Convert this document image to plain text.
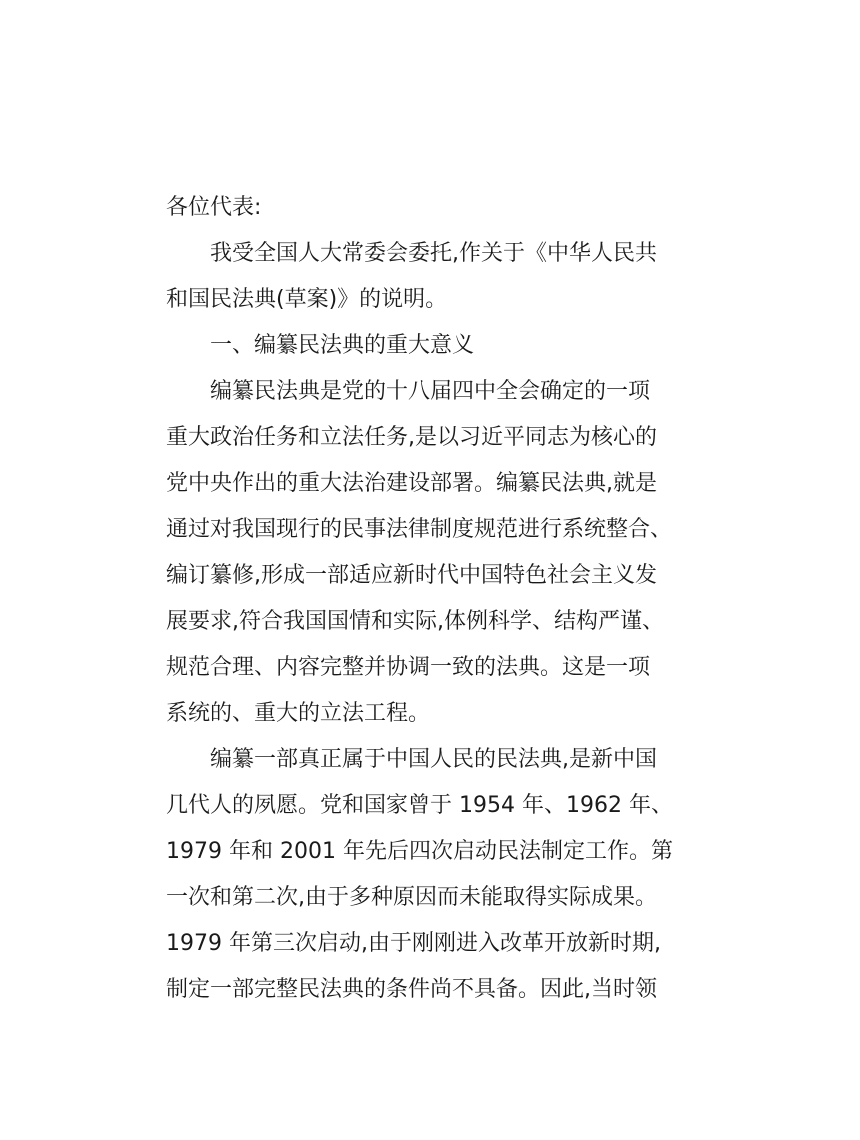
各位代表:
我受全国人大常委会委托,作关于《中华人民共
和国民法典(草案)》的说明。
一、编纂民法典的重大意义
编纂民法典是党的十八届四中全会确定的一项
重大政治任务和立法任务,是以习近平同志为核心的
党中央作出的重大法治建设部署。编纂民法典,就是
通过对我国现行的民事法律制度规范进行系统整合、
编订纂修,形成一部适应新时代中国特色社会主义发
展要求,符合我国国情和实际,体例科学、结构严谨、
规范合理、内容完整并协调一致的法典。这是一项
系统的、重大的立法工程。
编纂一部真正属于中国人民的民法典,是新中国
几代人的夙愿。党和国家曾于 1954 年、1962 年、
1979 年和 2001 年先后四次启动民法制定工作。第
一次和第二次,由于多种原因而未能取得实际成果。
1979 年第三次启动,由于刚刚进入改革开放新时期,
制定一部完整民法典的条件尚不具备。因此,当时领
